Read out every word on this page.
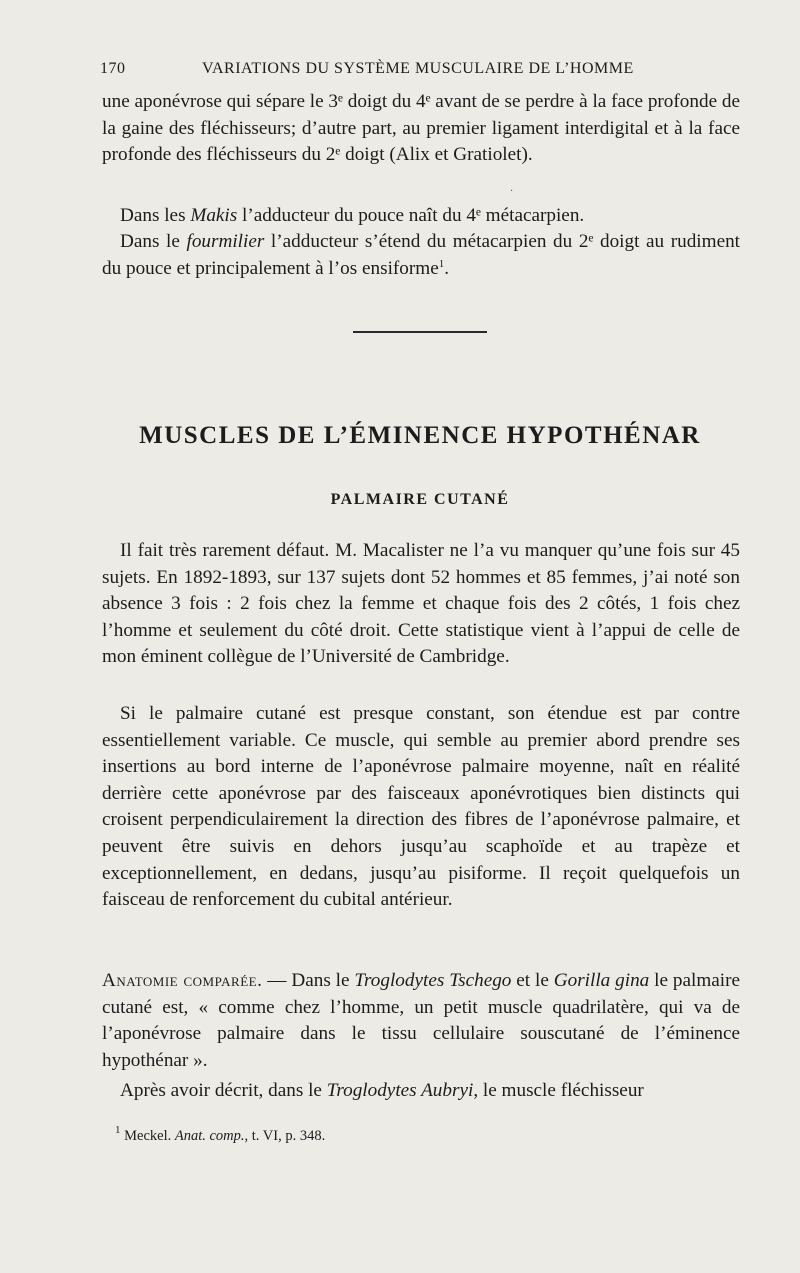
170	VARIATIONS DU SYSTÈME MUSCULAIRE DE L’HOMME
une aponévrose qui sépare le 3ᵉ doigt du 4ᵉ avant de se perdre à la face profonde de la gaine des fléchisseurs; d’autre part, au premier ligament interdigital et à la face profonde des fléchisseurs du 2ᵉ doigt (Alix et Gratiolet).
·
Dans les Makis l’adducteur du pouce naît du 4ᵉ métacarpien.
Dans le fourmilier l’adducteur s’étend du métacarpien du 2ᵉ doigt au rudiment du pouce et principalement à l’os ensiforme$^1$.
MUSCLES DE L’ÉMINENCE HYPOTHÉNAR
PALMAIRE CUTANÉ
Il fait très rarement défaut. M. Macalister ne l’a vu manquer qu’une fois sur 45 sujets. En 1892-1893, sur 137 sujets dont 52 hommes et 85 femmes, j’ai noté son absence 3 fois : 2 fois chez la femme et chaque fois des 2 côtés, 1 fois chez l’homme et seulement du côté droit. Cette statistique vient à l’appui de celle de mon éminent collègue de l’Université de Cambridge.
Si le palmaire cutané est presque constant, son étendue est par contre essentiellement variable. Ce muscle, qui semble au premier abord prendre ses insertions au bord interne de l’aponévrose palmaire moyenne, naît en réalité derrière cette aponévrose par des faisceaux aponévrotiques bien distincts qui croisent perpendiculairement la direction des fibres de l’aponévrose palmaire, et peuvent être suivis en dehors jusqu’au scaphoïde et au trapèze et exceptionnellement, en dedans, jusqu’au pisiforme. Il reçoit quelquefois un faisceau de renforcement du cubital antérieur.
Anatomie comparée. — Dans le Troglodytes Tschego et le Gorilla gina le palmaire cutané est, « comme chez l’homme, un petit muscle quadrilatère, qui va de l’aponévrose palmaire dans le tissu cellulaire souscutané de l’éminence hypothénar ».
Après avoir décrit, dans le Troglodytes Aubryi, le muscle fléchisseur
$^1$ Meckel. Anat. comp., t. VI, p. 348.
